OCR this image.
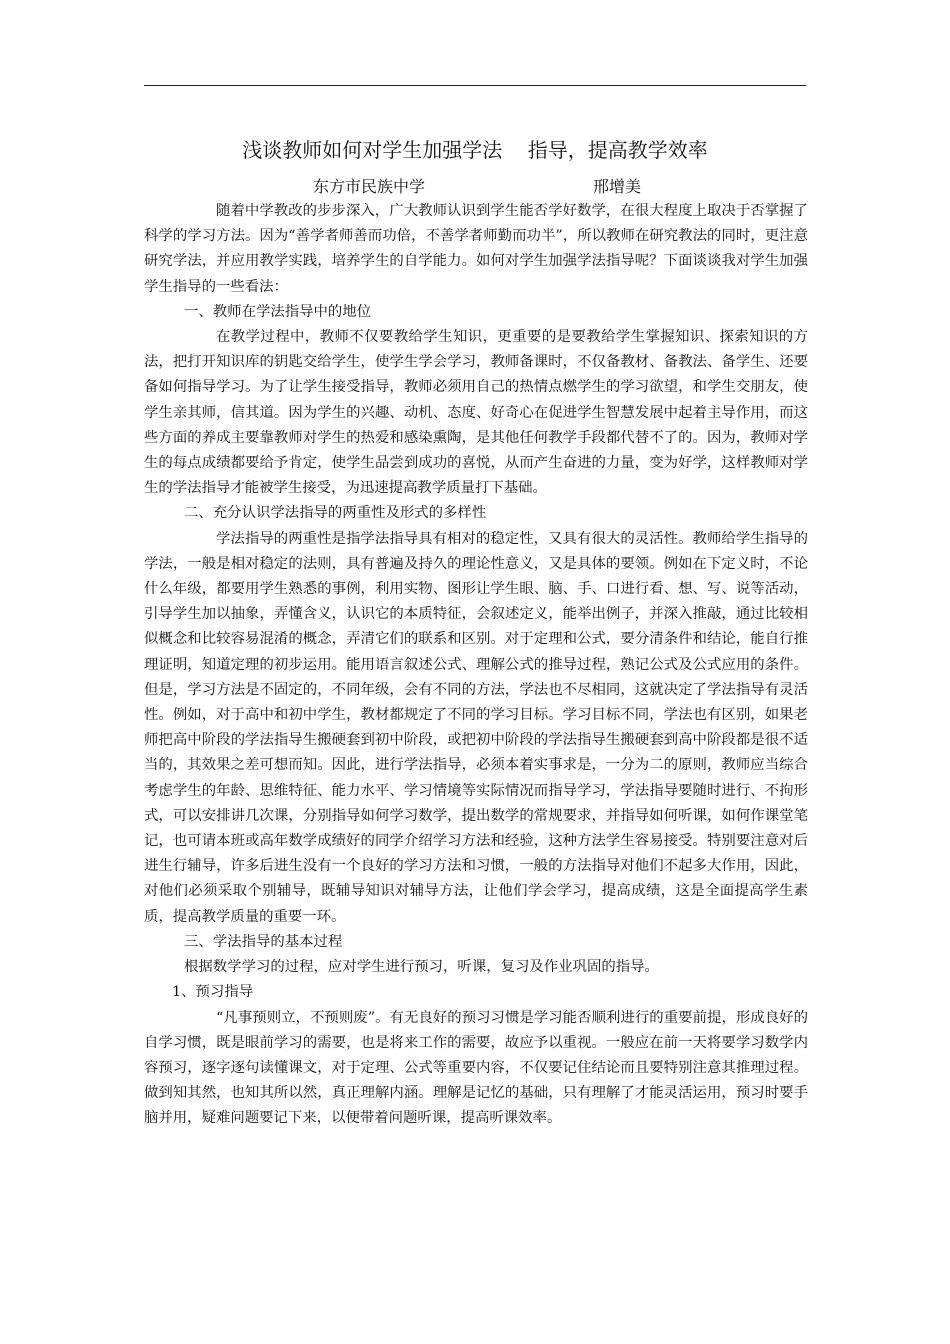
浅谈教师如何对学生加强学法    指导，提高教学效率
东方市民族中学	邢增美

随着中学教改的步步深入，广大教师认识到学生能否学好数学，在很大程度上取决于否掌握了科学的学习方法。因为“善学者师善而功倍，不善学者师勤而功半”，所以教师在研究教法的同时，更注意研究学法，并应用教学实践，培养学生的自学能力。如何对学生加强学法指导呢？下面谈谈我对学生加强学生指导的一些看法：

一、教师在学法指导中的地位

在教学过程中，教师不仅要教给学生知识，更重要的是要教给学生掌握知识、探索知识的方法，把打开知识库的钥匙交给学生，使学生学会学习，教师备课时，不仅备教材、备教法、备学生、还要备如何指导学习。为了让学生接受指导，教师必须用自己的热情点燃学生的学习欲望，和学生交朋友，使学生亲其师，信其道。因为学生的兴趣、动机、态度、好奇心在促进学生智慧发展中起着主导作用，而这些方面的养成主要靠教师对学生的热爱和感染熏陶，是其他任何教学手段都代替不了的。因为，教师对学生的每点成绩都要给予肯定，使学生品尝到成功的喜悦，从而产生奋进的力量，变为好学，这样教师对学生的学法指导才能被学生接受，为迅速提高教学质量打下基础。

二、充分认识学法指导的两重性及形式的多样性

学法指导的两重性是指学法指导具有相对的稳定性，又具有很大的灵活性。教师给学生指导的学法，一般是相对稳定的法则，具有普遍及持久的理论性意义，又是具体的要领。例如在下定义时，不论什么年级，都要用学生熟悉的事例，利用实物、图形让学生眼、脑、手、口进行看、想、写、说等活动，引导学生加以抽象，弄懂含义，认识它的本质特征，会叙述定义，能举出例子，并深入推敲，通过比较相似概念和比较容易混淆的概念，弄清它们的联系和区别。对于定理和公式，要分清条件和结论，能自行推理证明，知道定理的初步运用。能用语言叙述公式、理解公式的推导过程，熟记公式及公式应用的条件。但是，学习方法是不固定的，不同年级，会有不同的方法，学法也不尽相同，这就决定了学法指导有灵活性。例如，对于高中和初中学生，教材都规定了不同的学习目标。学习目标不同，学法也有区别，如果老师把高中阶段的学法指导生搬硬套到初中阶段，或把初中阶段的学法指导生搬硬套到高中阶段都是很不适当的，其效果之差可想而知。因此，进行学法指导，必须本着实事求是，一分为二的原则，教师应当综合考虑学生的年龄、思维特征、能力水平、学习情境等实际情况而指导学习，学法指导要随时进行、不拘形式，可以安排讲几次课，分别指导如何学习数学，提出数学的常规要求，并指导如何听课，如何作课堂笔记，也可请本班或高年数学成绩好的同学介绍学习方法和经验，这种方法学生容易接受。特别要注意对后进生行辅导，许多后进生没有一个良好的学习方法和习惯，一般的方法指导对他们不起多大作用，因此，对他们必须采取个别辅导，既辅导知识对辅导方法，让他们学会学习，提高成绩，这是全面提高学生素质，提高教学质量的重要一环。

三、学法指导的基本过程

根据数学学习的过程，应对学生进行预习，听课，复习及作业巩固的指导。

1、预习指导

“凡事预则立，不预则废”。有无良好的预习习惯是学习能否顺利进行的重要前提，形成良好的自学习惯，既是眼前学习的需要，也是将来工作的需要，故应予以重视。一般应在前一天将要学习数学内容预习，逐字逐句读懂课文，对于定理、公式等重要内容，不仅要记住结论而且要特别注意其推理过程。做到知其然，也知其所以然，真正理解内涵。理解是记忆的基础，只有理解了才能灵活运用，预习时要手脑并用，疑难问题要记下来，以便带着问题听课，提高听课效率。
